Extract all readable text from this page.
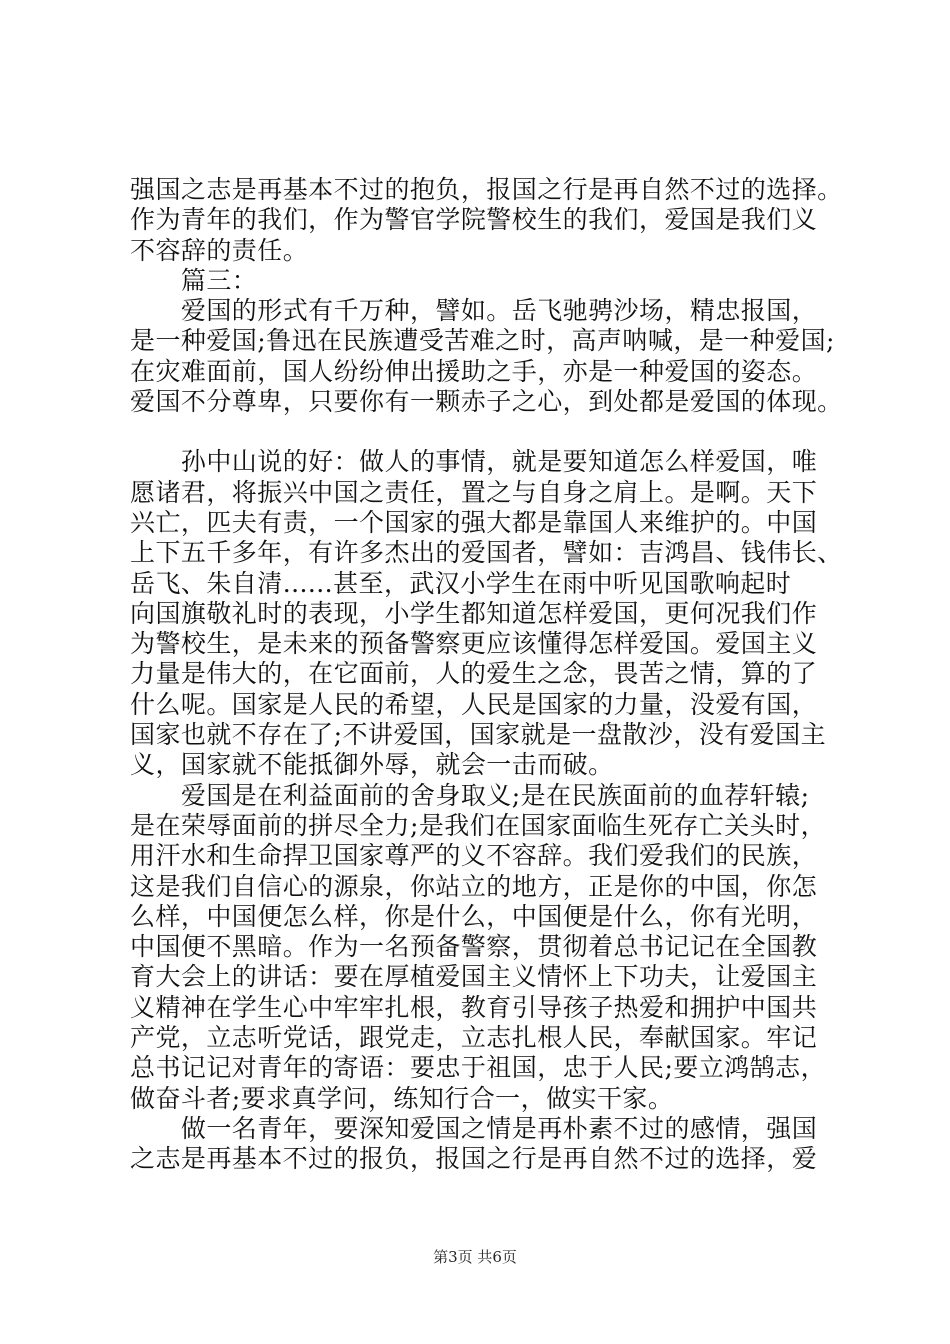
强国之志是再基本不过的抱负，报国之行是再自然不过的选择。
作为青年的我们，作为警官学院警校生的我们，爱国是我们义
不容辞的责任。
　　篇三：
　　爱国的形式有千万种，譬如。岳飞驰骋沙场，精忠报国，
是一种爱国;鲁迅在民族遭受苦难之时，高声呐喊，是一种爱国;
在灾难面前，国人纷纷伸出援助之手，亦是一种爱国的姿态。
爱国不分尊卑，只要你有一颗赤子之心，到处都是爱国的体现。
　　孙中山说的好：做人的事情，就是要知道怎么样爱国，唯
愿诸君，将振兴中国之责任，置之与自身之肩上。是啊。天下
兴亡，匹夫有责，一个国家的强大都是靠国人来维护的。中国
上下五千多年，有许多杰出的爱国者，譬如：吉鸿昌、钱伟长、
岳飞、朱自清......甚至，武汉小学生在雨中听见国歌响起时
向国旗敬礼时的表现，小学生都知道怎样爱国，更何况我们作
为警校生，是未来的预备警察更应该懂得怎样爱国。爱国主义
力量是伟大的，在它面前，人的爱生之念，畏苦之情，算的了
什么呢。国家是人民的希望，人民是国家的力量，没爱有国，
国家也就不存在了;不讲爱国，国家就是一盘散沙，没有爱国主
义，国家就不能抵御外辱，就会一击而破。
　　爱国是在利益面前的舍身取义;是在民族面前的血荐轩辕;
是在荣辱面前的拼尽全力;是我们在国家面临生死存亡关头时，
用汗水和生命捍卫国家尊严的义不容辞。我们爱我们的民族，
这是我们自信心的源泉，你站立的地方，正是你的中国，你怎
么样，中国便怎么样，你是什么，中国便是什么，你有光明，
中国便不黑暗。作为一名预备警察，贯彻着总书记记在全国教
育大会上的讲话：要在厚植爱国主义情怀上下功夫，让爱国主
义精神在学生心中牢牢扎根，教育引导孩子热爱和拥护中国共
产党，立志听党话，跟党走，立志扎根人民，奉献国家。牢记
总书记记对青年的寄语：要忠于祖国，忠于人民;要立鸿鹄志，
做奋斗者;要求真学问，练知行合一，做实干家。
　　做一名青年，要深知爱国之情是再朴素不过的感情，强国
之志是再基本不过的报负，报国之行是再自然不过的选择，爱
第3页 共6页
